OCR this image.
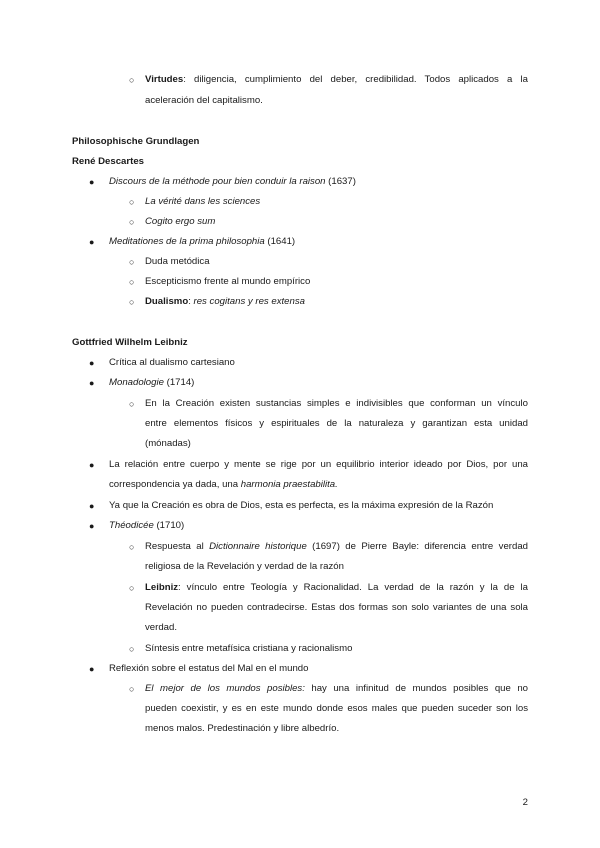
○ Virtudes: diligencia, cumplimiento del deber, credibilidad. Todos aplicados a la
aceleración del capitalismo.
Philosophische Grundlagen
René Descartes
● Discours de la méthode pour bien conduir la raison (1637)
○ La vérité dans les sciences
○ Cogito ergo sum
● Meditationes de la prima philosophia (1641)
○ Duda metódica
○ Escepticismo frente al mundo empírico
○ Dualismo: res cogitans y res extensa
Gottfried Wilhelm Leibniz
● Crítica al dualismo cartesiano
● Monadologie (1714)
○ En la Creación existen sustancias simples e indivisibles que conforman un vínculo
entre elementos físicos y espirituales de la naturaleza y garantizan esta unidad
(mónadas)
● La relación entre cuerpo y mente se rige por un equilibrio interior ideado por Dios, por una
correspondencia ya dada, una harmonia praestabilita.
● Ya que la Creación es obra de Dios, esta es perfecta, es la máxima expresión de la Razón
● Théodicée (1710)
○ Respuesta al Dictionnaire historique (1697) de Pierre Bayle: diferencia entre verdad
religiosa de la Revelación y verdad de la razón
○ Leibniz: vínculo entre Teología y Racionalidad. La verdad de la razón y la de la
Revelación no pueden contradecirse. Estas dos formas son solo variantes de una sola
verdad.
○ Síntesis entre metafísica cristiana y racionalismo
● Reflexión sobre el estatus del Mal en el mundo
○ El mejor de los mundos posibles: hay una infinitud de mundos posibles que no
pueden coexistir, y es en este mundo donde esos males que pueden suceder son los
menos malos. Predestinación y libre albedrío.
2
